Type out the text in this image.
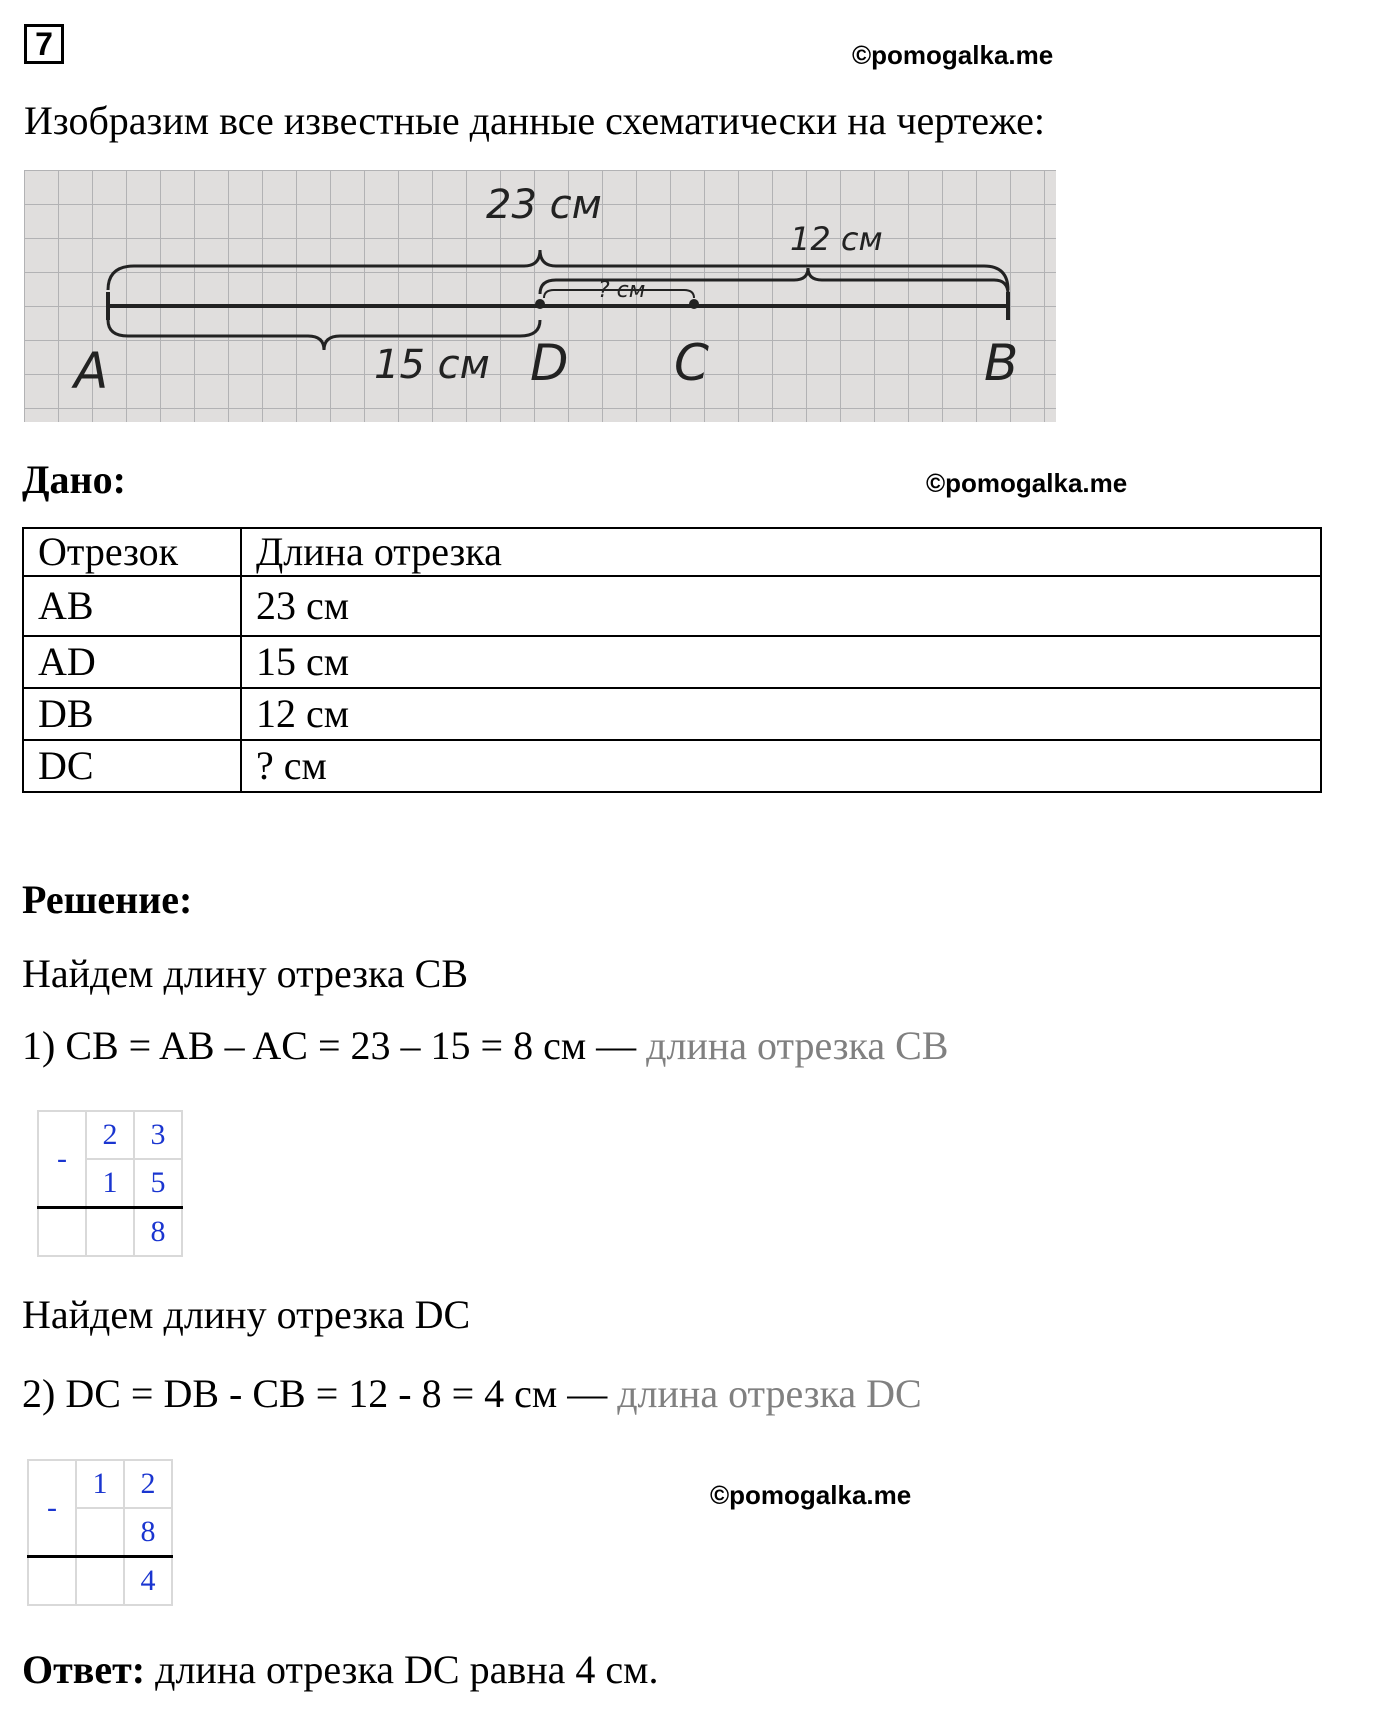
7	©pomogalka.me
Изобразим все известные данные схематически на чертеже:
23 см
12 см
? см
15 см
A	D C	B
Дано:	©pomogalka.me
Отрезок	Длина отрезка
AB	23 см
AD	15 см
DB	12 см
DC	? см
Решение:
Найдем длину отрезка CB
1) CB = AB – AC = 23 – 15 = 8 см — длина отрезка CB
-	2	3
	1	5
		8
Найдем длину отрезка DC
2) DC = DB - CB = 12 - 8 = 4 см — длина отрезка DC
-	1	2
		8
		4
©pomogalka.me
Ответ: длина отрезка DC равна 4 см.
